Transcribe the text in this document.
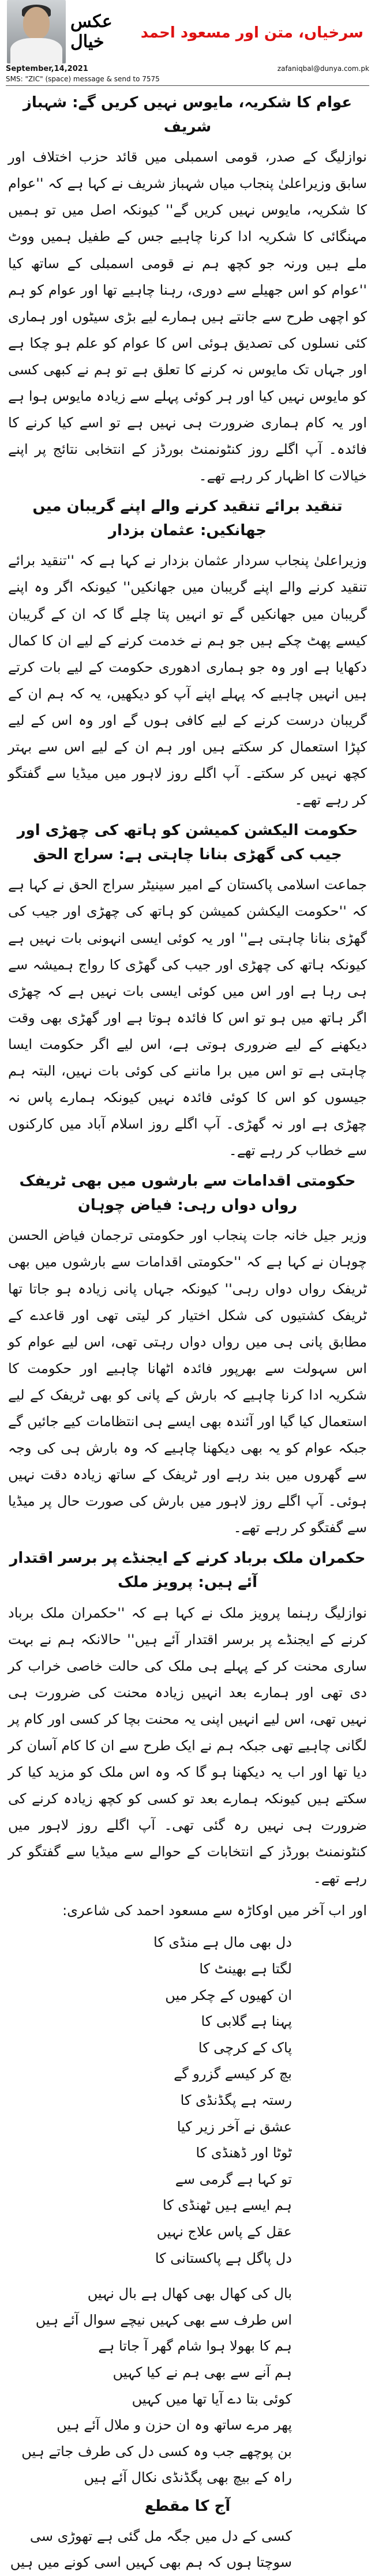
عکس خیال	سرخیاں، متن اور مسعود احمد
September,14,2021	zafaniqbal@dunya.com.pk
SMS: "ZIC" (space) message & send to 7575
عوام کا شکریہ، مایوس نہیں کریں گے: شہباز شریف

نوازلیگ کے صدر، قومی اسمبلی میں قائد حزب اختلاف اور سابق وزیراعلیٰ پنجاب میاں شہباز شریف نے کہا ہے کہ ''عوام کا شکریہ، مایوس نہیں کریں گے'' کیونکہ اصل میں تو ہمیں مہنگائی کا شکریہ ادا کرنا چاہیے جس کے طفیل ہمیں ووٹ ملے ہیں ورنہ جو کچھ ہم نے قومی اسمبلی کے ساتھ کیا ''عوام کو اس جھیلے سے دوری، رہنا چاہیے تھا اور عوام کو ہم کو اچھی طرح سے جانتے ہیں ہمارے لیے بڑی سیٹوں اور ہماری کئی نسلوں کی تصدیق ہوئی اس کا عوام کو علم ہو چکا ہے اور جہاں تک مایوس نہ کرنے کا تعلق ہے تو ہم نے کبھی کسی کو مایوس نہیں کیا اور ہر کوئی پہلے سے زیادہ مایوس ہوا ہے اور یہ کام ہماری ضرورت ہی نہیں ہے تو اسے کیا کرنے کا فائدہ۔ آپ اگلے روز کنٹونمنٹ بورڈز کے انتخابی نتائج پر اپنے خیالات کا اظہار کر رہے تھے۔

تنقید برائے تنقید کرنے والے اپنے گریبان میں جھانکیں: عثمان بزدار

وزیراعلیٰ پنجاب سردار عثمان بزدار نے کہا ہے کہ ''تنقید برائے تنقید کرنے والے اپنے گریبان میں جھانکیں'' کیونکہ اگر وہ اپنے گریبان میں جھانکیں گے تو انہیں پتا چلے گا کہ ان کے گریبان کیسے پھٹ چکے ہیں جو ہم نے خدمت کرنے کے لیے ان کا کمال دکھایا ہے اور وہ جو ہماری ادھوری حکومت کے لیے بات کرتے ہیں انہیں چاہیے کہ پہلے اپنے آپ کو دیکھیں، یہ کہ ہم ان کے گریبان درست کرنے کے لیے کافی ہوں گے اور وہ اس کے لیے کپڑا استعمال کر سکتے ہیں اور ہم ان کے لیے اس سے بہتر کچھ نہیں کر سکتے۔ آپ اگلے روز لاہور میں میڈیا سے گفتگو کر رہے تھے۔

حکومت الیکشن کمیشن کو ہاتھ کی چھڑی اور جیب کی گھڑی بنانا چاہتی ہے: سراج الحق

جماعت اسلامی پاکستان کے امیر سینیٹر سراج الحق نے کہا ہے کہ ''حکومت الیکشن کمیشن کو ہاتھ کی چھڑی اور جیب کی گھڑی بنانا چاہتی ہے'' اور یہ کوئی ایسی انہونی بات نہیں ہے کیونکہ ہاتھ کی چھڑی اور جیب کی گھڑی کا رواج ہمیشہ سے ہی رہا ہے اور اس میں کوئی ایسی بات نہیں ہے کہ چھڑی اگر ہاتھ میں ہو تو اس کا فائدہ ہوتا ہے اور گھڑی بھی وقت دیکھنے کے لیے ضروری ہوتی ہے، اس لیے اگر حکومت ایسا چاہتی ہے تو اس میں برا ماننے کی کوئی بات نہیں، البتہ ہم جیسوں کو اس کا کوئی فائدہ نہیں کیونکہ ہمارے پاس نہ چھڑی ہے اور نہ گھڑی۔ آپ اگلے روز اسلام آباد میں کارکنوں سے خطاب کر رہے تھے۔

حکومتی اقدامات سے بارشوں میں بھی ٹریفک رواں دواں رہی: فیاض چوہان

وزیر جیل خانہ جات پنجاب اور حکومتی ترجمان فیاض الحسن چوہان نے کہا ہے کہ ''حکومتی اقدامات سے بارشوں میں بھی ٹریفک رواں دواں رہی'' کیونکہ جہاں پانی زیادہ ہو جاتا تھا ٹریفک کشتیوں کی شکل اختیار کر لیتی تھی اور قاعدے کے مطابق پانی ہی میں رواں دواں رہتی تھی، اس لیے عوام کو اس سہولت سے بھرپور فائدہ اٹھانا چاہیے اور حکومت کا شکریہ ادا کرنا چاہیے کہ بارش کے پانی کو بھی ٹریفک کے لیے استعمال کیا گیا اور آئندہ بھی ایسے ہی انتظامات کیے جائیں گے جبکہ عوام کو یہ بھی دیکھنا چاہیے کہ وہ بارش ہی کی وجہ سے گھروں میں بند رہے اور ٹریفک کے ساتھ زیادہ دقت نہیں ہوئی۔ آپ اگلے روز لاہور میں بارش کی صورت حال پر میڈیا سے گفتگو کر رہے تھے۔

حکمران ملک برباد کرنے کے ایجنڈے پر برسر اقتدار آئے ہیں: پرویز ملک

نوازلیگ رہنما پرویز ملک نے کہا ہے کہ ''حکمران ملک برباد کرنے کے ایجنڈے پر برسر اقتدار آئے ہیں'' حالانکہ ہم نے بہت ساری محنت کر کے پہلے ہی ملک کی حالت خاصی خراب کر دی تھی اور ہمارے بعد انہیں زیادہ محنت کی ضرورت ہی نہیں تھی، اس لیے انہیں اپنی یہ محنت بچا کر کسی اور کام پر لگانی چاہیے تھی جبکہ ہم نے ایک طرح سے ان کا کام آسان کر دیا تھا اور اب یہ دیکھنا ہو گا کہ وہ اس ملک کو مزید کیا کر سکتے ہیں کیونکہ ہمارے بعد تو کسی کو کچھ زیادہ کرنے کی ضرورت ہی نہیں رہ گئی تھی۔ آپ اگلے روز لاہور میں کنٹونمنٹ بورڈز کے انتخابات کے حوالے سے میڈیا سے گفتگو کر رہے تھے۔

اور اب آخر میں اوکاڑہ سے مسعود احمد کی شاعری:

دل بھی مال ہے منڈی کا
لگتا ہے بھینٹ کا
ان کھیوں کے چکر میں
پہنا ہے گلابی کا
پاک کے کرچی کا
بچ کر کیسے گزرو گے
رستہ ہے پگڈنڈی کا
عشق نے آخر زیر کیا
ٹوٹا اور ڈھنڈی کا
تو کہا ہے گرمی سے
ہم ایسے ہیں ٹھنڈی کا
عقل کے پاس علاج نہیں
دل پاگل ہے پاکستانی کا
بال کی کھال بھی کھال ہے بال نہیں
اس طرف سے بھی کہیں نیچے سوال آئے ہیں
ہم کا بھولا ہوا شام گھر آ جاتا ہے
ہم آنے سے بھی ہم نے کیا کہیں
کوئی بتا دے آیا تھا میں کہیں
پھر مرے ساتھ وہ ان حزن و ملال آئے ہیں
بن پوچھے جب وہ کسی دل کی طرف جاتے ہیں
راہ کے بیچ بھی پگڈنڈی نکال آئے ہیں
آج کا مقطع
کسی کے دل میں جگہ مل گئی ہے تھوڑی سی
سوچتا ہوں کہ ہم بھی کہیں اسی کونے میں ہیں
